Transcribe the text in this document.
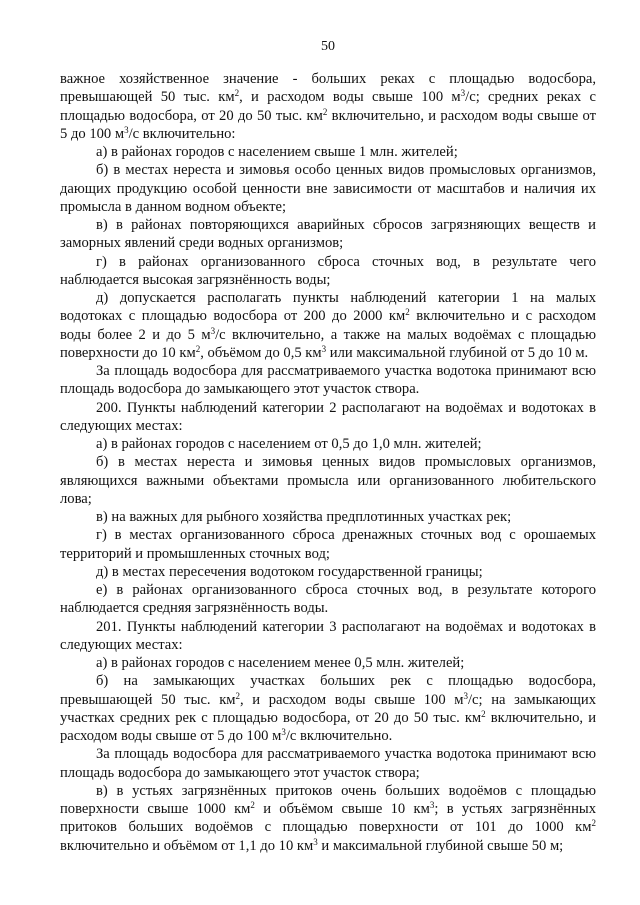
50

важное хозяйственное значение - больших реках с площадью водосбора, превышающей 50 тыс. $км^2$, и расходом воды свыше 100 $м^3/с$; средних реках с площадью водосбора, от 20 до 50 тыс. $км^2$ включительно, и расходом воды свыше от 5 до 100 $м^3/с$ включительно:

а) в районах городов с населением свыше 1 млн. жителей;

б) в местах нереста и зимовья особо ценных видов промысловых организмов, дающих продукцию особой ценности вне зависимости от масштабов и наличия их промысла в данном водном объекте;

в) в районах повторяющихся аварийных сбросов загрязняющих веществ и заморных явлений среди водных организмов;

г) в районах организованного сброса сточных вод, в результате чего наблюдается высокая загрязнённость воды;

д) допускается располагать пункты наблюдений категории 1 на малых водотоках с площадью водосбора от 200 до 2000 $км^2$ включительно и с расходом воды более 2 и до 5 $м^3/с$ включительно, а также на малых водоёмах с площадью поверхности до 10 $км^2$, объёмом до 0,5 $км^3$ или максимальной глубиной от 5 до 10 м.

За площадь водосбора для рассматриваемого участка водотока принимают всю площадь водосбора до замыкающего этот участок створа.

200. Пункты наблюдений категории 2 располагают на водоёмах и водотоках в следующих местах:

а) в районах городов с населением от 0,5 до 1,0 млн. жителей;

б) в местах нереста и зимовья ценных видов промысловых организмов, являющихся важными объектами промысла или организованного любительского лова;

в) на важных для рыбного хозяйства предплотинных участках рек;

г) в местах организованного сброса дренажных сточных вод с орошаемых территорий и промышленных сточных вод;

д) в местах пересечения водотоком государственной границы;

е) в районах организованного сброса сточных вод, в результате которого наблюдается средняя загрязнённость воды.

201. Пункты наблюдений категории 3 располагают на водоёмах и водотоках в следующих местах:

а) в районах городов с населением менее 0,5 млн. жителей;

б) на замыкающих участках больших рек с площадью водосбора, превышающей 50 тыс. $км^2$, и расходом воды свыше 100 $м^3/с$; на замыкающих участках средних рек с площадью водосбора, от 20 до 50 тыс. $км^2$ включительно, и расходом воды свыше от 5 до 100 $м^3/с$ включительно.

За площадь водосбора для рассматриваемого участка водотока принимают всю площадь водосбора до замыкающего этот участок створа;

в) в устьях загрязнённых притоков очень больших водоёмов с площадью поверхности свыше 1000 $км^2$ и объёмом свыше 10 $км^3$; в устьях загрязнённых притоков больших водоёмов с площадью поверхности от 101 до 1000 $км^2$ включительно и объёмом от 1,1 до 10 $км^3$ и максимальной глубиной свыше 50 м;
